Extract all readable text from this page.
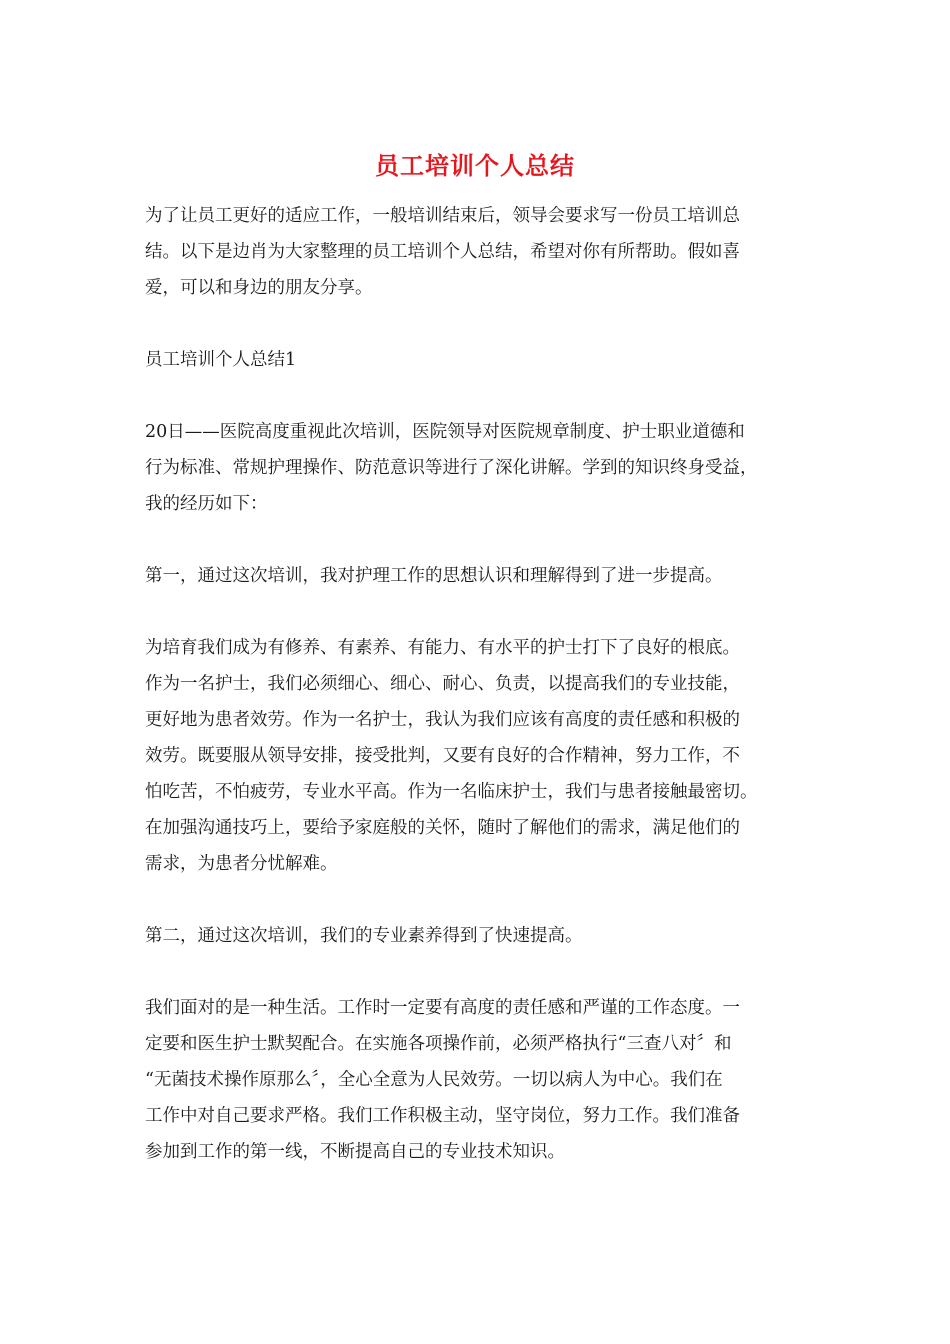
员工培训个人总结

为了让员工更好的适应工作，一般培训结束后，领导会要求写一份员工培训总
结。以下是边肖为大家整理的员工培训个人总结，希望对你有所帮助。假如喜
爱，可以和身边的朋友分享。

员工培训个人总结1

20日——医院高度重视此次培训，医院领导对医院规章制度、护士职业道德和
行为标准、常规护理操作、防范意识等进行了深化讲解。学到的知识终身受益，
我的经历如下：

第一，通过这次培训，我对护理工作的思想认识和理解得到了进一步提高。

为培育我们成为有修养、有素养、有能力、有水平的护士打下了良好的根底。
作为一名护士，我们必须细心、细心、耐心、负责，以提高我们的专业技能，
更好地为患者效劳。作为一名护士，我认为我们应该有高度的责任感和积极的
效劳。既要服从领导安排，接受批判，又要有良好的合作精神，努力工作，不
怕吃苦，不怕疲劳，专业水平高。作为一名临床护士，我们与患者接触最密切。
在加强沟通技巧上，要给予家庭般的关怀，随时了解他们的需求，满足他们的
需求，为患者分忧解难。

第二，通过这次培训，我们的专业素养得到了快速提高。

我们面对的是一种生活。工作时一定要有高度的责任感和严谨的工作态度。一
定要和医生护士默契配合。在实施各项操作前，必须严格执行“三查八对〞和
“无菌技术操作原那么〞，全心全意为人民效劳。一切以病人为中心。我们在
工作中对自己要求严格。我们工作积极主动，坚守岗位，努力工作。我们准备
参加到工作的第一线，不断提高自己的专业技术知识。
